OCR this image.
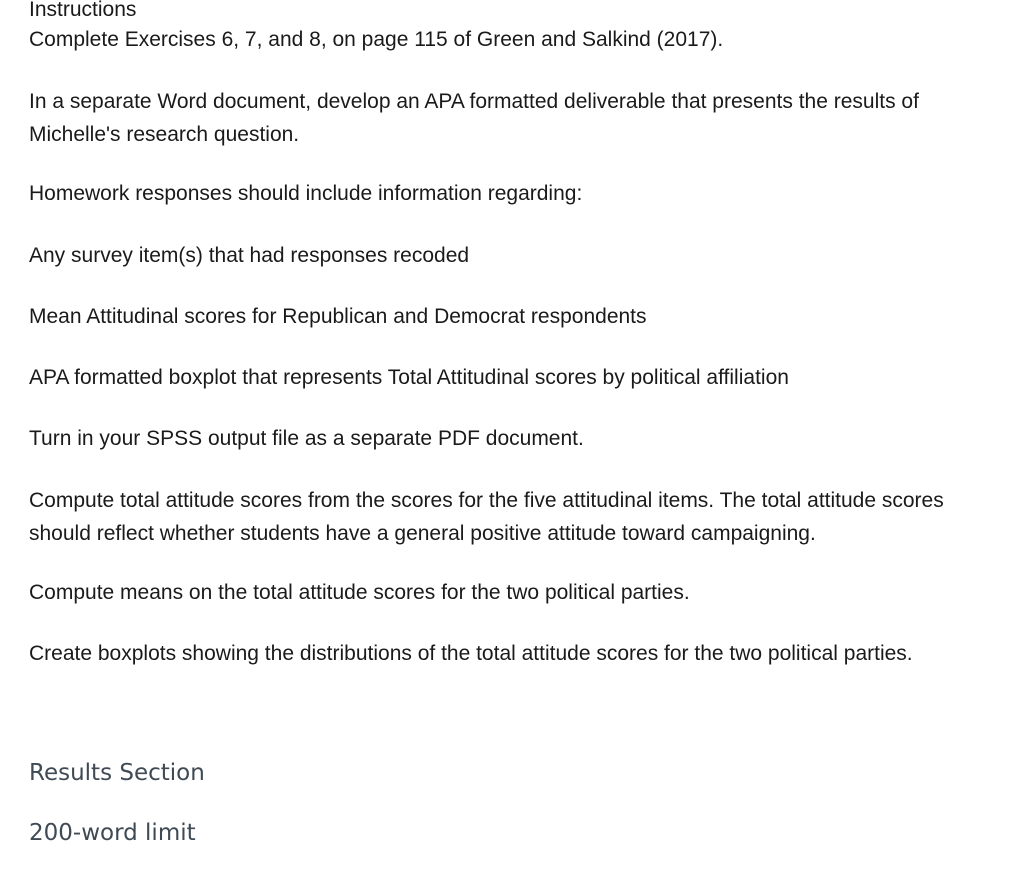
Instructions

Complete Exercises 6, 7, and 8, on page 115 of Green and Salkind (2017).

In a separate Word document, develop an APA formatted deliverable that presents the results of Michelle's research question.

Homework responses should include information regarding:

Any survey item(s) that had responses recoded

Mean Attitudinal scores for Republican and Democrat respondents

APA formatted boxplot that represents Total Attitudinal scores by political affiliation

Turn in your SPSS output file as a separate PDF document.

Compute total attitude scores from the scores for the five attitudinal items. The total attitude scores should reflect whether students have a general positive attitude toward campaigning.

Compute means on the total attitude scores for the two political parties.

Create boxplots showing the distributions of the total attitude scores for the two political parties.

Results Section

200-word limit
